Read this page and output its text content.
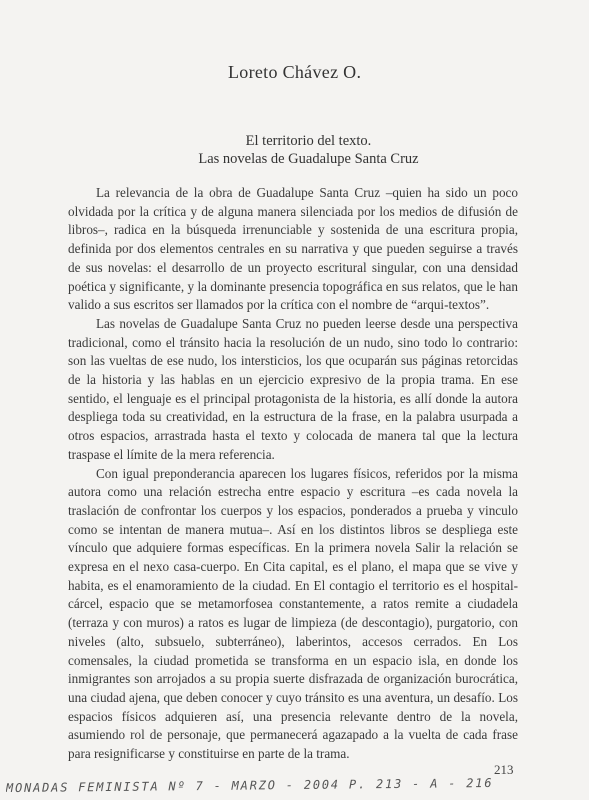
Loreto Chávez O.
El territorio del texto.
Las novelas de Guadalupe Santa Cruz

La relevancia de la obra de Guadalupe Santa Cruz –quien ha sido un poco olvidada por la crítica y de alguna manera silenciada por los medios de difusión de libros–, radica en la búsqueda irrenunciable y sostenida de una escritura propia, definida por dos elementos centrales en su narrativa y que pueden seguirse a través de sus novelas: el desarrollo de un proyecto escritural singular, con una densidad poética y significante, y la dominante presencia topográfica en sus relatos, que le han valido a sus escritos ser llamados por la crítica con el nombre de “arqui-textos”.

Las novelas de Guadalupe Santa Cruz no pueden leerse desde una perspectiva tradicional, como el tránsito hacia la resolución de un nudo, sino todo lo contrario: son las vueltas de ese nudo, los intersticios, los que ocuparán sus páginas retorcidas de la historia y las hablas en un ejercicio expresivo de la propia trama. En ese sentido, el lenguaje es el principal protagonista de la historia, es allí donde la autora despliega toda su creatividad, en la estructura de la frase, en la palabra usurpada a otros espacios, arrastrada hasta el texto y colocada de manera tal que la lectura traspase el límite de la mera referencia.

Con igual preponderancia aparecen los lugares físicos, referidos por la misma autora como una relación estrecha entre espacio y escritura –es cada novela la traslación de confrontar los cuerpos y los espacios, ponderados a prueba y vinculo como se intentan de manera mutua–. Así en los distintos libros se despliega este vínculo que adquiere formas específicas. En la primera novela Salir la relación se expresa en el nexo casa-cuerpo. En Cita capital, es el plano, el mapa que se vive y habita, es el enamoramiento de la ciudad. En El contagio el territorio es el hospital-cárcel, espacio que se metamorfosea constantemente, a ratos remite a ciudadela (terraza y con muros) a ratos es lugar de limpieza (de descontagio), purgatorio, con niveles (alto, subsuelo, subterráneo), laberintos, accesos cerrados. En Los comensales, la ciudad prometida se transforma en un espacio isla, en donde los inmigrantes son arrojados a su propia suerte disfrazada de organización burocrática, una ciudad ajena, que deben conocer y cuyo tránsito es una aventura, un desafío. Los espacios físicos adquieren así, una presencia relevante dentro de la novela, asumiendo rol de personaje, que permanecerá agazapado a la vuelta de cada frase para resignificarse y constituirse en parte de la trama.

213
MONADAS FEMINISTA Nº 7 - MARZO - 2004 P. 213 - A - 216
